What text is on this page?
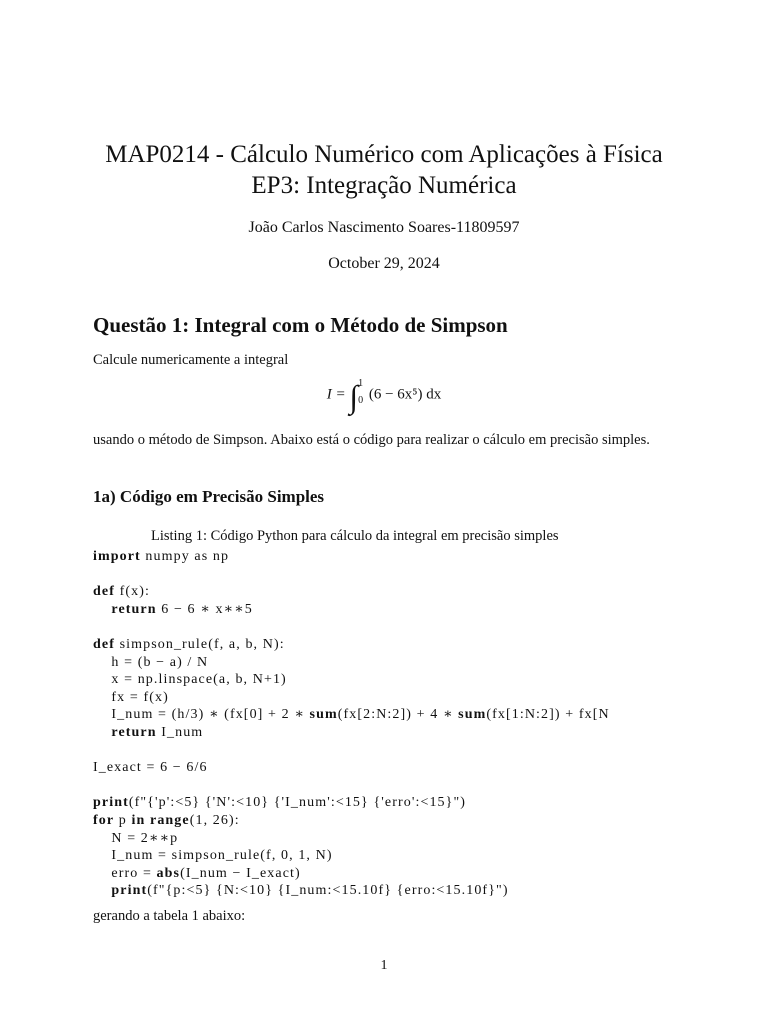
MAP0214 - Cálculo Numérico com Aplicações à Física
EP3: Integração Numérica
João Carlos Nascimento Soares-11809597
October 29, 2024
Questão 1: Integral com o Método de Simpson
Calcule numericamente a integral
I = ∫ 1
0 (6 − 6x⁵) dx
usando o método de Simpson. Abaixo está o código para realizar o cálculo em precisão simples.
1a) Código em Precisão Simples
Listing 1: Código Python para cálculo da integral em precisão simples
import numpy as np

def f(x):
return 6 − 6 ∗ x∗∗5

def simpson_rule(f, a, b, N):
h = (b − a) / N
x = np.linspace(a, b, N+1)
fx = f(x)
I_num = (h/3) ∗ (fx[0] + 2 ∗ sum(fx[2:N:2]) + 4 ∗ sum(fx[1:N:2]) + fx[N
return I_num

I_exact = 6 − 6/6

print(f"{'p':<5} {'N':<10} {'I_num':<15} {'erro':<15}")
for p in range(1, 26):
N = 2∗∗p
I_num = simpson_rule(f, 0, 1, N)
erro = abs(I_num − I_exact)
print(f"{p:<5} {N:<10} {I_num:<15.10f} {erro:<15.10f}")
gerando a tabela 1 abaixo:
1
